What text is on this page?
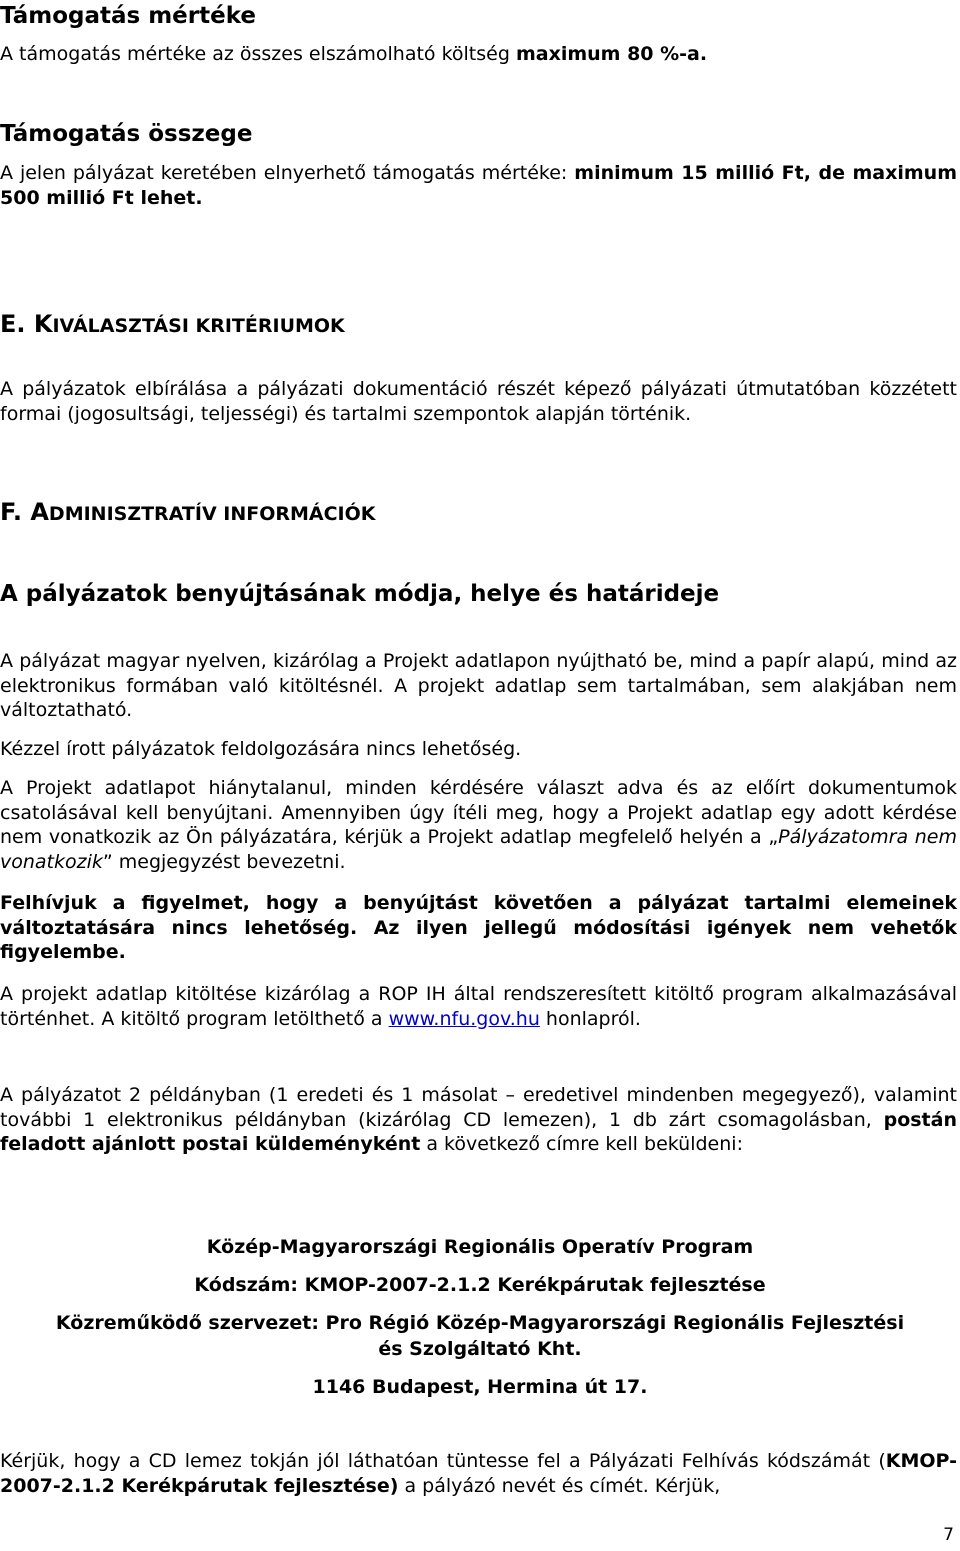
Támogatás mértéke

A támogatás mértéke az összes elszámolható költség maximum 80 %-a.

Támogatás összege

A jelen pályázat keretében elnyerhető támogatás mértéke: minimum 15 millió Ft, de maximum 500 millió Ft lehet.

E. KIVÁLASZTÁSI KRITÉRIUMOK

A pályázatok elbírálása a pályázati dokumentáció részét képező pályázati útmutatóban közzétett formai (jogosultsági, teljességi) és tartalmi szempontok alapján történik.

F. ADMINISZTRATÍV INFORMÁCIÓK
A pályázatok benyújtásának módja, helye és határideje

A pályázat magyar nyelven, kizárólag a Projekt adatlapon nyújtható be, mind a papír alapú, mind az elektronikus formában való kitöltésnél. A projekt adatlap sem tartalmában, sem alakjában nem változtatható.

Kézzel írott pályázatok feldolgozására nincs lehetőség.

A Projekt adatlapot hiánytalanul, minden kérdésére választ adva és az előírt dokumentumok csatolásával kell benyújtani. Amennyiben úgy ítéli meg, hogy a Projekt adatlap egy adott kérdése nem vonatkozik az Ön pályázatára, kérjük a Projekt adatlap megfelelő helyén a „Pályázatomra nem vonatkozik” megjegyzést bevezetni.

Felhívjuk a figyelmet, hogy a benyújtást követően a pályázat tartalmi elemeinek változtatására nincs lehetőség. Az ilyen jellegű módosítási igények nem vehetők figyelembe.

A projekt adatlap kitöltése kizárólag a ROP IH által rendszeresített kitöltő program alkalmazásával történhet. A kitöltő program letölthető a www.nfu.gov.hu honlapról.

A pályázatot 2 példányban (1 eredeti és 1 másolat – eredetivel mindenben megegyező), valamint további 1 elektronikus példányban (kizárólag CD lemezen), 1 db zárt csomagolásban, postán feladott ajánlott postai küldeményként a következő címre kell beküldeni:

Közép-Magyarországi Regionális Operatív Program
Kódszám: KMOP-2007-2.1.2 Kerékpárutak fejlesztése
Közreműködő szervezet: Pro Régió Közép-Magyarországi Regionális Fejlesztési
és Szolgáltató Kht.
1146 Budapest, Hermina út 17.

Kérjük, hogy a CD lemez tokján jól láthatóan tüntesse fel a Pályázati Felhívás kódszámát (KMOP-2007-2.1.2 Kerékpárutak fejlesztése) a pályázó nevét és címét. Kérjük,

7
